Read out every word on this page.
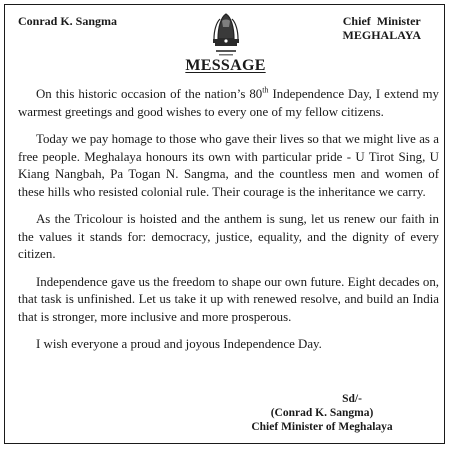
Conrad K. Sangma	Chief  Minister
MEGHALAYA
MESSAGE

On this historic occasion of the nation’s 80th Independence Day, I extend my warmest greetings and good wishes to every one of my fellow citizens.

Today we pay homage to those who gave their lives so that we might live as a free people. Meghalaya honours its own with particular pride - U Tirot Sing, U Kiang Nangbah, Pa Togan N. Sangma, and the countless men and women of these hills who resisted colonial rule. Their courage is the inheritance we carry.

As the Tricolour is hoisted and the anthem is sung, let us renew our faith in the values it stands for: democracy, justice, equality, and the dignity of every citizen.

Independence gave us the freedom to shape our own future. Eight decades on, that task is unfinished. Let us take it up with renewed resolve, and build an India that is stronger, more inclusive and more prosperous.

I wish everyone a proud and joyous Independence Day.

Sd/-
(Conrad K. Sangma)
Chief Minister of Meghalaya
